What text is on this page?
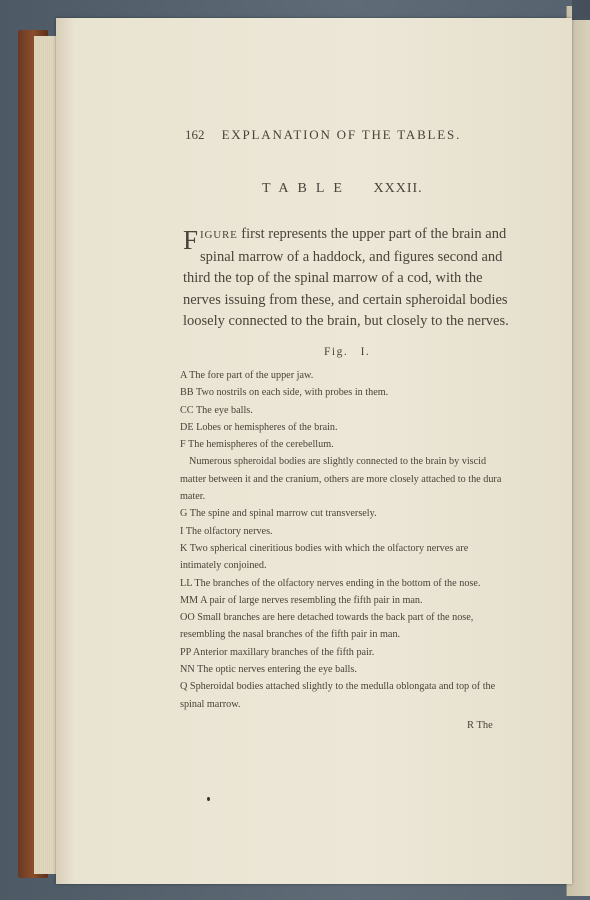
162 EXPLANATION OF THE TABLES.
TABLE XXXII.
FIGURE first represents the upper part of the brain and spinal marrow of a haddock, and figures second and third the top of the spinal marrow of a cod, with the nerves issuing from these, and certain spheroidal bodies loosely connected to the brain, but closely to the nerves.
Fig. I.

A The fore part of the upper jaw.

BB Two nostrils on each side, with probes in them.

CC The eye balls.

DE Lobes or hemispheres of the brain.

F The hemispheres of the cerebellum.

Numerous spheroidal bodies are slightly connected to the brain by viscid matter between it and the cranium, others are more closely attached to the dura mater.

G The spine and spinal marrow cut transversely.

I The olfactory nerves.

K Two spherical cineritious bodies with which the olfactory nerves are intimately conjoined.

LL The branches of the olfactory nerves ending in the bottom of the nose.

MM A pair of large nerves resembling the fifth pair in man.

OO Small branches are here detached towards the back part of the nose, resembling the nasal branches of the fifth pair in man.

PP Anterior maxillary branches of the fifth pair.

NN The optic nerves entering the eye balls.

Q Spheroidal bodies attached slightly to the medulla oblongata and top of the spinal marrow.

R The
